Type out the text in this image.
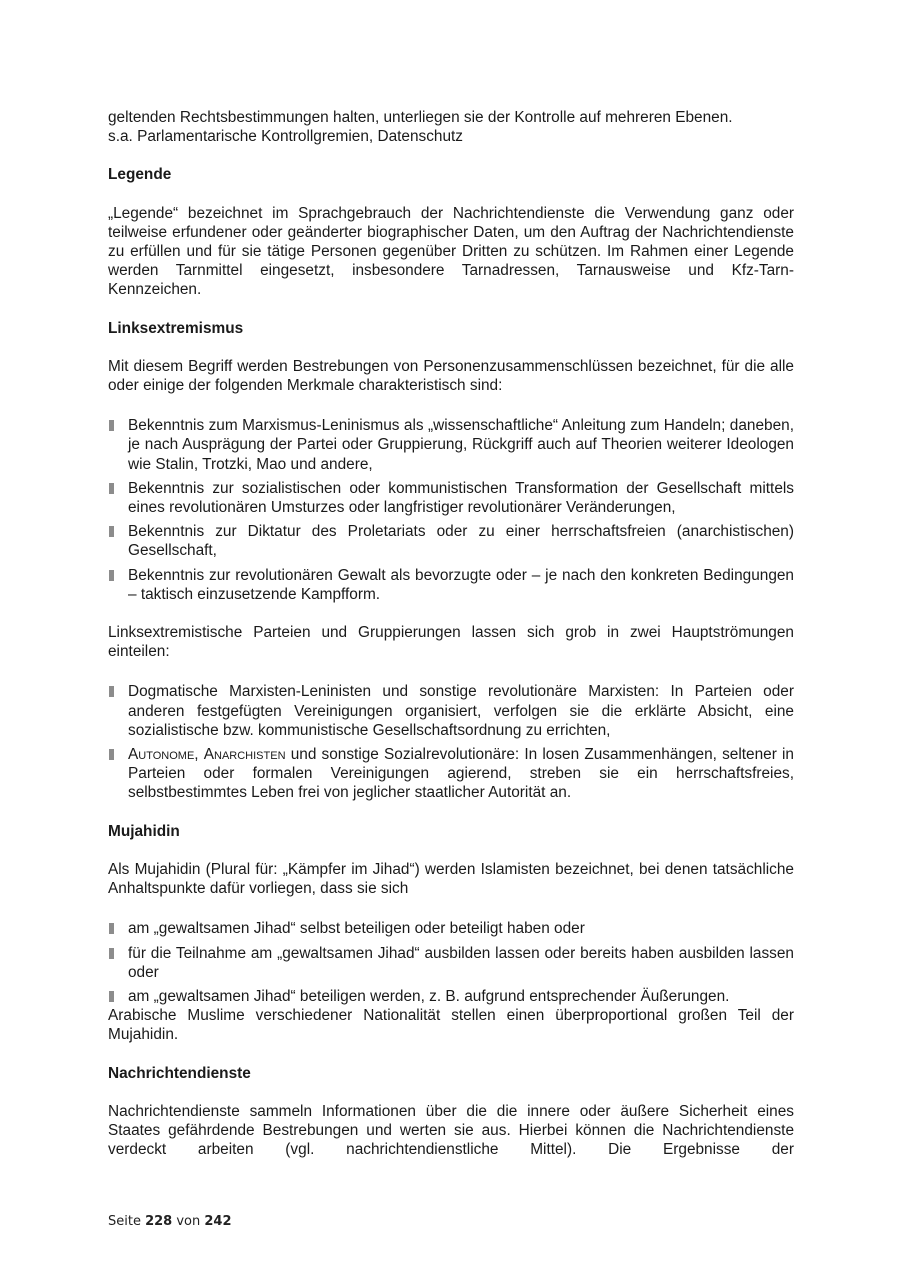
geltenden Rechtsbestimmungen halten, unterliegen sie der Kontrolle auf mehreren Ebenen.

s.a. Parlamentarische Kontrollgremien, Datenschutz

Legende

„Legende“ bezeichnet im Sprachgebrauch der Nachrichtendienste die Verwendung ganz oder teilweise erfundener oder geänderter biographischer Daten, um den Auftrag der Nachrichtendienste zu erfüllen und für sie tätige Personen gegenüber Dritten zu schützen. Im Rahmen einer Legende werden Tarnmittel eingesetzt, insbesondere Tarnadressen, Tarnausweise und Kfz-Tarn-Kennzeichen.

Linksextremismus

Mit diesem Begriff werden Bestrebungen von Personenzusammenschlüssen bezeichnet, für die alle oder einige der folgenden Merkmale charakteristisch sind:

Bekenntnis zum Marxismus-Leninismus als „wissenschaftliche“ Anleitung zum Handeln; daneben, je nach Ausprägung der Partei oder Gruppierung, Rückgriff auch auf Theorien weiterer Ideologen wie Stalin, Trotzki, Mao und andere,
Bekenntnis zur sozialistischen oder kommunistischen Transformation der Gesellschaft mittels eines revolutionären Umsturzes oder langfristiger revolutionärer Veränderungen,
Bekenntnis zur Diktatur des Proletariats oder zu einer herrschaftsfreien (anarchistischen) Gesellschaft,
Bekenntnis zur revolutionären Gewalt als bevorzugte oder – je nach den konkreten Bedingungen – taktisch einzusetzende Kampfform.

Linksextremistische Parteien und Gruppierungen lassen sich grob in zwei Hauptströmungen einteilen:

Dogmatische Marxisten-Leninisten und sonstige revolutionäre Marxisten: In Parteien oder anderen festgefügten Vereinigungen organisiert, verfolgen sie die erklärte Absicht, eine sozialistische bzw. kommunistische Gesellschaftsordnung zu errichten,
Autonome, Anarchisten und sonstige Sozialrevolutionäre: In losen Zusammenhängen, seltener in Parteien oder formalen Vereinigungen agierend, streben sie ein herrschaftsfreies, selbstbestimmtes Leben frei von jeglicher staatlicher Autorität an.
Mujahidin

Als Mujahidin (Plural für: „Kämpfer im Jihad“) werden Islamisten bezeichnet, bei denen tatsächliche Anhaltspunkte dafür vorliegen, dass sie sich

am „gewaltsamen Jihad“ selbst beteiligen oder beteiligt haben oder
für die Teilnahme am „gewaltsamen Jihad“ ausbilden lassen oder bereits haben ausbilden lassen oder

am „gewaltsamen Jihad“ beteiligen werden, z. B. aufgrund entsprechender Äußerungen.

Arabische Muslime verschiedener Nationalität stellen einen überproportional großen Teil der Mujahidin.

Nachrichtendienste

Nachrichtendienste sammeln Informationen über die die innere oder äußere Sicherheit eines Staates gefährdende Bestrebungen und werten sie aus. Hierbei können die Nachrichtendienste verdeckt arbeiten (vgl. nachrichtendienstliche Mittel). Die Ergebnisse der

Seite 228 von 242
